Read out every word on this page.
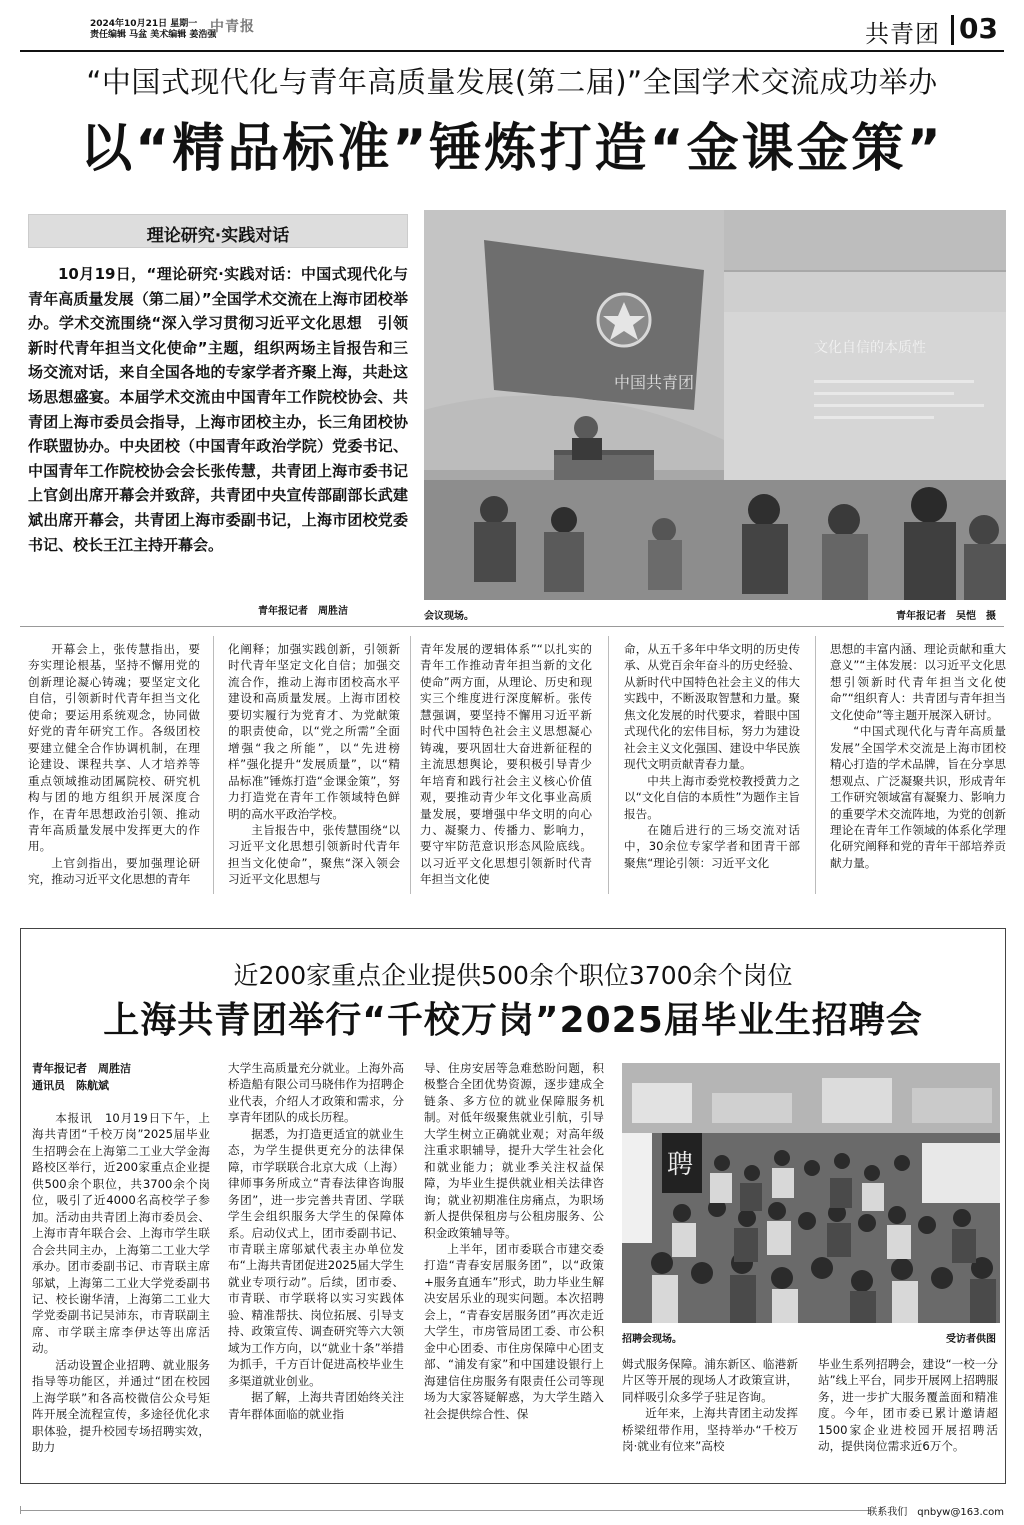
2024年10月21日 星期一
责任编辑 马盆 美术编辑 姜浩强
中青报	共青团 03
“中国式现代化与青年高质量发展(第二届)”全国学术交流成功举办
以“精品标准”锤炼打造“金课金策”
理论研究·实践对话
10月19日，“理论研究·实践对话：中国式现代化与青年高质量发展（第二届）”全国学术交流在上海市团校举办。学术交流围绕“深入学习贯彻习近平文化思想　引领新时代青年担当文化使命”主题，组织两场主旨报告和三场交流对话，来自全国各地的专家学者齐聚上海，共赴这场思想盛宴。本届学术交流由中国青年工作院校协会、共青团上海市委员会指导，上海市团校主办，长三角团校协作联盟协办。中央团校（中国青年政治学院）党委书记、中国青年工作院校协会会长张传慧，共青团上海市委书记上官剑出席开幕会并致辞，共青团中央宣传部副部长武建斌出席开幕会，共青团上海市委副书记，上海市团校党委书记、校长王江主持开幕会。
青年报记者　周胜洁
文化自信的本质性
中国共青团
会议现场。	青年报记者　吴恺　摄

开幕会上，张传慧指出，要夯实理论根基，坚持不懈用党的创新理论凝心铸魂；要坚定文化自信，引领新时代青年担当文化使命；要运用系统观念，协同做好党的青年研究工作。各级团校要建立健全合作协调机制，在理论建设、课程共享、人才培养等重点领域推动团属院校、研究机构与团的地方组织开展深度合作，在青年思想政治引领、推动青年高质量发展中发挥更大的作用。

上官剑指出，要加强理论研究，推动习近平文化思想的青年

化阐释；加强实践创新，引领新时代青年坚定文化自信；加强交流合作，推动上海市团校高水平建设和高质量发展。上海市团校要切实履行为党育才、为党献策的职责使命，以“党之所需”全面增强“我之所能”，以“先进榜样”强化提升“发展质量”，以“精品标准”锤炼打造“金课金策”，努力打造党在青年工作领域特色鲜明的高水平政治学校。

主旨报告中，张传慧围绕“以习近平文化思想引领新时代青年担当文化使命”，聚焦“深入领会习近平文化思想与

青年发展的逻辑体系”“以扎实的青年工作推动青年担当新的文化使命”两方面，从理论、历史和现实三个维度进行深度解析。张传慧强调，要坚持不懈用习近平新时代中国特色社会主义思想凝心铸魂，要巩固壮大奋进新征程的主流思想舆论，要积极引导青少年培育和践行社会主义核心价值观，要推动青少年文化事业高质量发展，要增强中华文明的向心力、凝聚力、传播力、影响力，要守牢防范意识形态风险底线。以习近平文化思想引领新时代青年担当文化使

命，从五千多年中华文明的历史传承、从党百余年奋斗的历史经验、从新时代中国特色社会主义的伟大实践中，不断汲取智慧和力量。聚焦文化发展的时代要求，着眼中国式现代化的宏伟目标，努力为建设社会主义文化强国、建设中华民族现代文明贡献青春力量。

中共上海市委党校教授黄力之以“文化自信的本质性”为题作主旨报告。

在随后进行的三场交流对话中，30余位专家学者和团青干部聚焦“理论引领：习近平文化

思想的丰富内涵、理论贡献和重大意义”“主体发展：以习近平文化思想引领新时代青年担当文化使命”“组织育人：共青团与青年担当文化使命”等主题开展深入研讨。

“中国式现代化与青年高质量发展”全国学术交流是上海市团校精心打造的学术品牌，旨在分享思想观点、广泛凝聚共识，形成青年工作研究领域富有凝聚力、影响力的重要学术交流阵地，为党的创新理论在青年工作领域的体系化学理化研究阐释和党的青年干部培养贡献力量。

近200家重点企业提供500余个职位3700余个岗位
上海共青团举行“千校万岗”2025届毕业生招聘会
青年报记者　周胜洁
通讯员　陈航斌

本报讯　10月19日下午，上海共青团“千校万岗”2025届毕业生招聘会在上海第二工业大学金海路校区举行，近200家重点企业提供500余个职位，共3700余个岗位，吸引了近4000名高校学子参加。活动由共青团上海市委员会、上海市青年联合会、上海市学生联合会共同主办，上海第二工业大学承办。团市委副书记、市青联主席邬斌，上海第二工业大学党委副书记、校长谢华清，上海第二工业大学党委副书记吴沛东，市青联副主席、市学联主席李伊达等出席活动。

活动设置企业招聘、就业服务指导等功能区，并通过“团在校园　上海学联”和各高校微信公众号矩阵开展全流程宣传，多途径优化求职体验，提升校园专场招聘实效，助力

大学生高质量充分就业。上海外高桥造船有限公司马晓伟作为招聘企业代表，介绍人才政策和需求，分享青年团队的成长历程。

据悉，为打造更适宜的就业生态，为学生提供更充分的法律保障，市学联联合北京大成（上海）律师事务所成立“青春法律咨询服务团”，进一步完善共青团、学联学生会组织服务大学生的保障体系。启动仪式上，团市委副书记、市青联主席邬斌代表主办单位发布“上海共青团促进2025届大学生就业专项行动”。后续，团市委、市青联、市学联将以实习实践体验、精准帮扶、岗位拓展、引导支持、政策宣传、调查研究等六大领域为工作方向，以“就业十条”举措为抓手，千方百计促进高校毕业生多渠道就业创业。

据了解，上海共青团始终关注青年群体面临的就业指

导、住房安居等急难愁盼问题，积极整合全团优势资源，逐步建成全链条、多方位的就业保障服务机制。对低年级聚焦就业引航，引导大学生树立正确就业观；对高年级注重求职辅导，提升大学生社会化和就业能力；就业季关注权益保障，为毕业生提供就业相关法律咨询；就业初期准住房痛点，为职场新人提供保租房与公租房服务、公积金政策辅导等。

上半年，团市委联合市建交委打造“青春安居服务团”，以“政策+服务直通车”形式，助力毕业生解决安居乐业的现实问题。本次招聘会上，“青春安居服务团”再次走近大学生，市房管局团工委、市公积金中心团委、市住房保障中心团支部、“浦发有家”和中国建设银行上海建信住房服务有限责任公司等现场为大家答疑解惑，为大学生踏入社会提供综合性、保

聘
招聘会现场。	受访者供图

姆式服务保障。浦东新区、临港新片区等开展的现场人才政策宣讲，同样吸引众多学子驻足咨询。

近年来，上海共青团主动发挥桥梁纽带作用，坚持举办“千校万岗·就业有位来”高校

毕业生系列招聘会，建设“一校一分站”线上平台，同步开展网上招聘服务，进一步扩大服务覆盖面和精准度。今年，团市委已累计邀请超1500家企业进校园开展招聘活动，提供岗位需求近6万个。

联系我们　qnbyw@163.com
